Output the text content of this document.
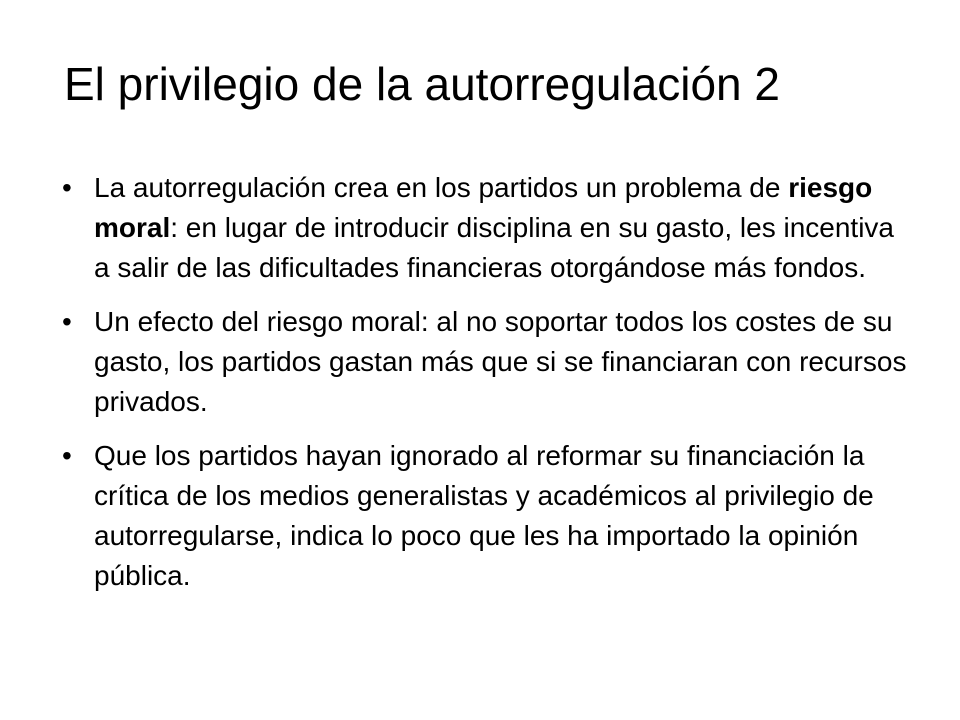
El privilegio de la autorregulación 2
• La autorregulación crea en los partidos un problema de riesgo moral: en lugar de introducir disciplina en su gasto, les incentiva a salir de las dificultades financieras otorgándose más fondos.
• Un efecto del riesgo moral: al no soportar todos los costes de su gasto, los partidos gastan más que si se financiaran con recursos privados.
• Que los partidos hayan ignorado al reformar su financiación la crítica de los medios generalistas y académicos al privilegio de autorregularse, indica lo poco que les ha importado la opinión pública.
